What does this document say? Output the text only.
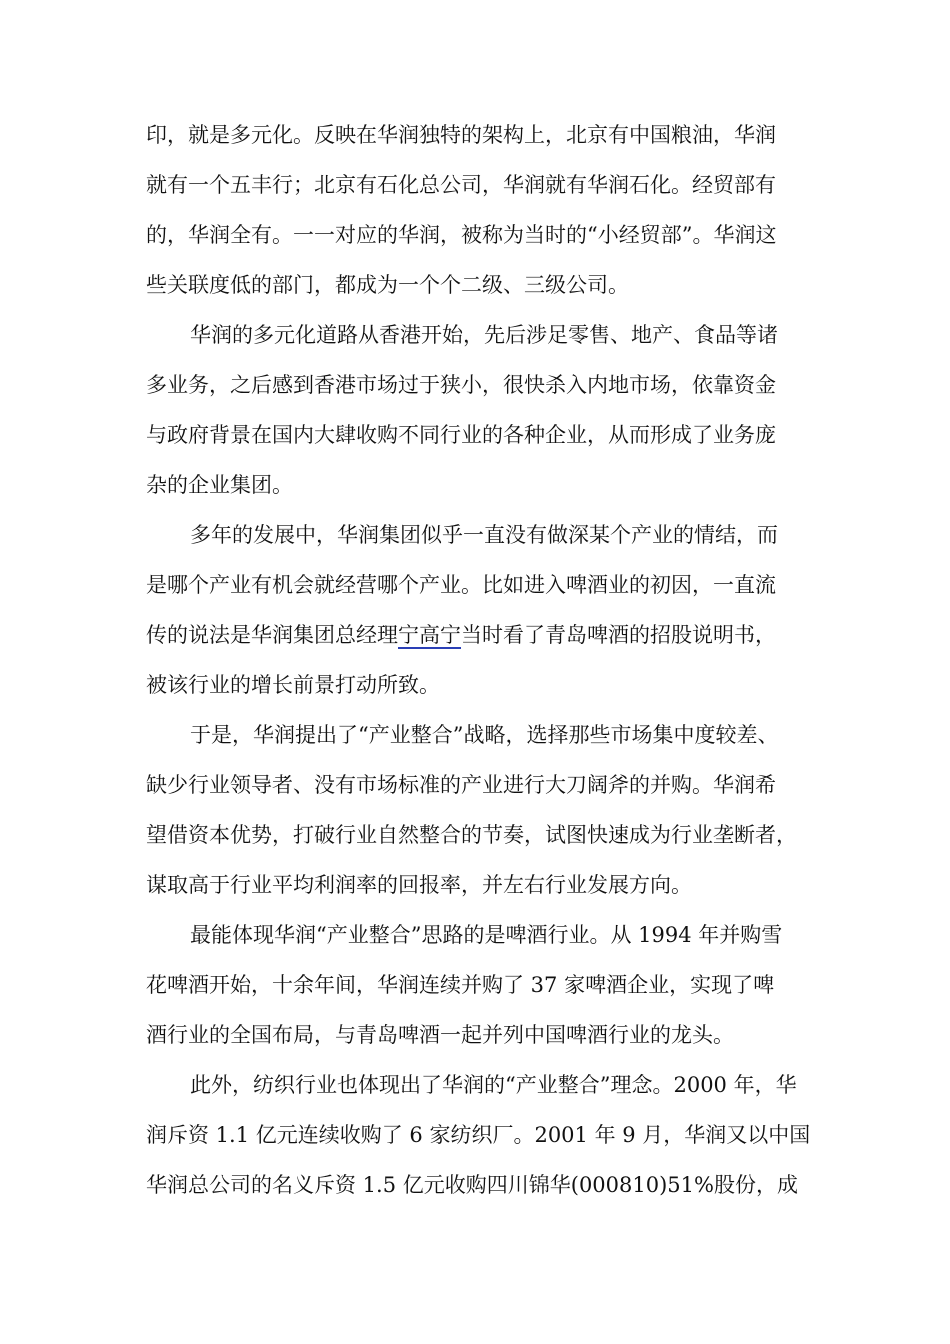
印，就是多元化。反映在华润独特的架构上，北京有中国粮油，华润
就有一个五丰行；北京有石化总公司，华润就有华润石化。经贸部有
的，华润全有。一一对应的华润，被称为当时的“小经贸部”。华润这
些关联度低的部门，都成为一个个二级、三级公司。
华润的多元化道路从香港开始，先后涉足零售、地产、食品等诸
多业务，之后感到香港市场过于狭小，很快杀入内地市场，依靠资金
与政府背景在国内大肆收购不同行业的各种企业，从而形成了业务庞
杂的企业集团。
多年的发展中，华润集团似乎一直没有做深某个产业的情结，而
是哪个产业有机会就经营哪个产业。比如进入啤酒业的初因，一直流
传的说法是华润集团总经理宁高宁当时看了青岛啤酒的招股说明书，
被该行业的增长前景打动所致。
于是，华润提出了“产业整合”战略，选择那些市场集中度较差、
缺少行业领导者、没有市场标准的产业进行大刀阔斧的并购。华润希
望借资本优势，打破行业自然整合的节奏，试图快速成为行业垄断者，
谋取高于行业平均利润率的回报率，并左右行业发展方向。
最能体现华润“产业整合”思路的是啤酒行业。从 1994 年并购雪
花啤酒开始，十余年间，华润连续并购了 37 家啤酒企业，实现了啤
酒行业的全国布局，与青岛啤酒一起并列中国啤酒行业的龙头。
此外，纺织行业也体现出了华润的“产业整合”理念。2000 年，华
润斥资 1.1 亿元连续收购了 6 家纺织厂。2001 年 9 月，华润又以中国
华润总公司的名义斥资 1.5 亿元收购四川锦华(000810)51%股份，成
